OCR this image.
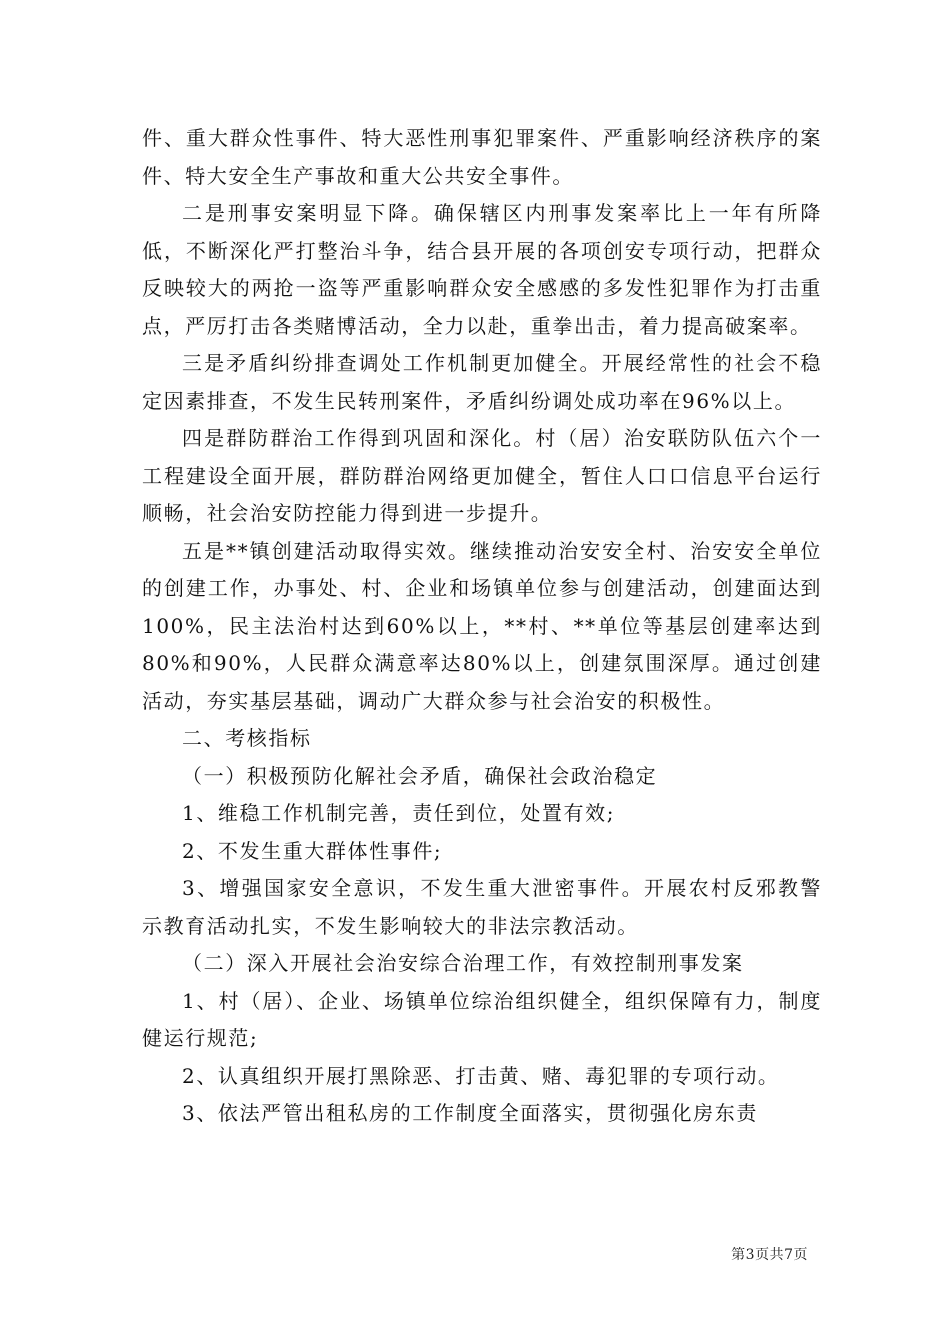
件、重大群众性事件、特大恶性刑事犯罪案件、严重影响经济秩序的案件、特大安全生产事故和重大公共安全事件。

二是刑事安案明显下降。确保辖区内刑事发案率比上一年有所降低，不断深化严打整治斗争，结合县开展的各项创安专项行动，把群众反映较大的两抢一盗等严重影响群众安全感感的多发性犯罪作为打击重点，严厉打击各类赌博活动，全力以赴，重拳出击，着力提高破案率。

三是矛盾纠纷排查调处工作机制更加健全。开展经常性的社会不稳定因素排查，不发生民转刑案件，矛盾纠纷调处成功率在96%以上。

四是群防群治工作得到巩固和深化。村（居）治安联防队伍六个一工程建设全面开展，群防群治网络更加健全，暂住人口口信息平台运行顺畅，社会治安防控能力得到进一步提升。

五是**镇创建活动取得实效。继续推动治安安全村、治安安全单位的创建工作，办事处、村、企业和场镇单位参与创建活动，创建面达到100%，民主法治村达到60%以上，**村、**单位等基层创建率达到80%和90%，人民群众满意率达80%以上，创建氛围深厚。通过创建活动，夯实基层基础，调动广大群众参与社会治安的积极性。

二、考核指标

（一）积极预防化解社会矛盾，确保社会政治稳定

1、维稳工作机制完善，责任到位，处置有效;

2、不发生重大群体性事件;

3、增强国家安全意识，不发生重大泄密事件。开展农村反邪教警示教育活动扎实，不发生影响较大的非法宗教活动。

（二）深入开展社会治安综合治理工作，有效控制刑事发案

1、村（居）、企业、场镇单位综治组织健全，组织保障有力，制度健运行规范;

2、认真组织开展打黑除恶、打击黄、赌、毒犯罪的专项行动。

3、依法严管出租私房的工作制度全面落实，贯彻强化房东责

第3页共7页
